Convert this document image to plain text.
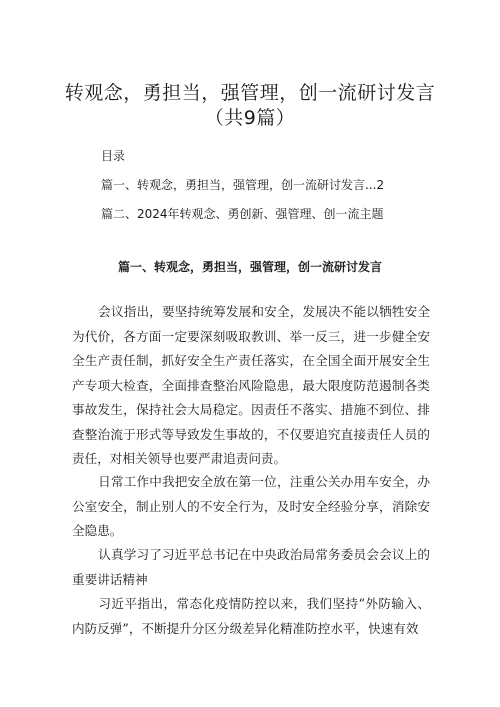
转观念，勇担当，强管理，创一流研讨发言
（共9篇）
目录
篇一、转观念，勇担当，强管理，创一流研讨发言...2
篇二、2024年转观念、勇创新、强管理、创一流主题
篇一、转观念，勇担当，强管理，创一流研讨发言

会议指出，要坚持统筹发展和安全，发展决不能以牺牲安全为代价，各方面一定要深刻吸取教训、举一反三，进一步健全安全生产责任制，抓好安全生产责任落实，在全国全面开展安全生产专项大检查，全面排查整治风险隐患，最大限度防范遏制各类事故发生，保持社会大局稳定。因责任不落实、措施不到位、排查整治流于形式等导致发生事故的，不仅要追究直接责任人员的责任，对相关领导也要严肃追责问责。

日常工作中我把安全放在第一位，注重公关办用车安全，办公室安全，制止别人的不安全行为，及时安全经验分享，消除安全隐患。

认真学习了习近平总书记在中央政治局常务委员会会议上的重要讲话精神

习近平指出，常态化疫情防控以来，我们坚持“外防输入、内防反弹”，不断提升分区分级差异化精准防控水平，快速有效
